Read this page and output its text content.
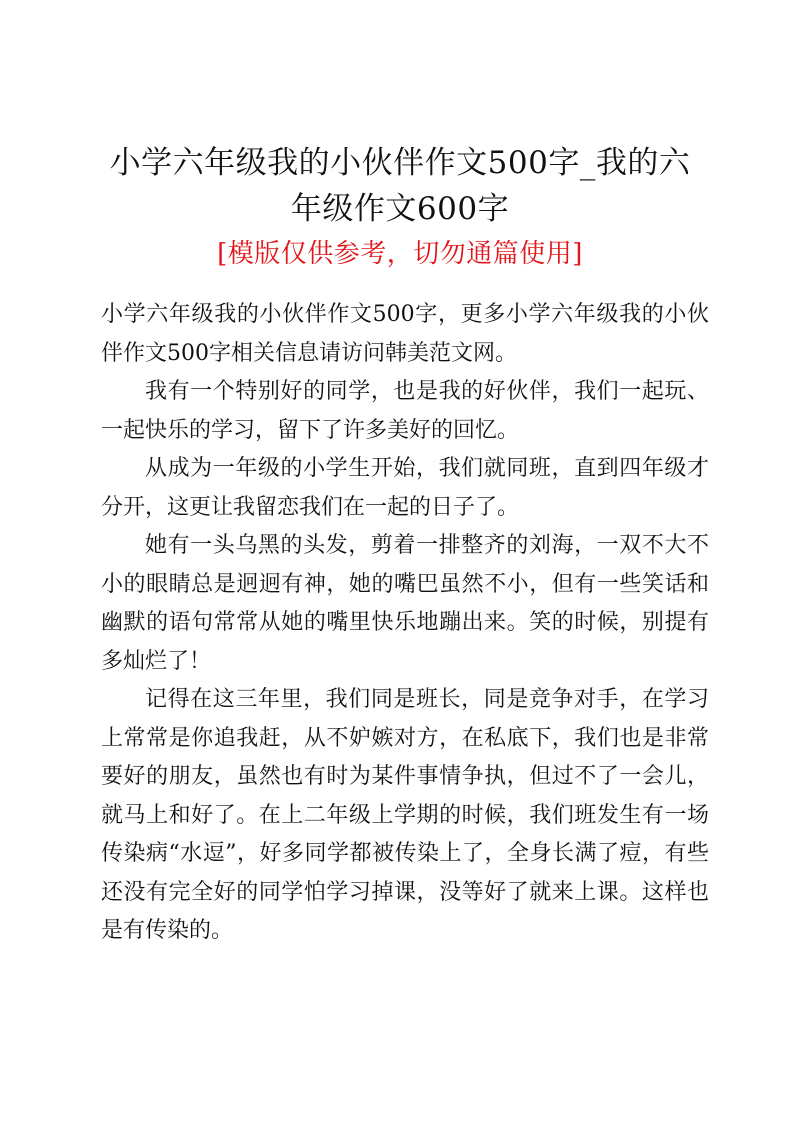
小学六年级我的小伙伴作文500字_我的六年级作文600字
[模版仅供参考，切勿通篇使用]

小学六年级我的小伙伴作文500字，更多小学六年级我的小伙伴作文500字相关信息请访问韩美范文网。

我有一个特别好的同学，也是我的好伙伴，我们一起玩、一起快乐的学习，留下了许多美好的回忆。

从成为一年级的小学生开始，我们就同班，直到四年级才分开，这更让我留恋我们在一起的日子了。

她有一头乌黑的头发，剪着一排整齐的刘海，一双不大不小的眼睛总是迥迥有神，她的嘴巴虽然不小，但有一些笑话和幽默的语句常常从她的嘴里快乐地蹦出来。笑的时候，别提有多灿烂了！

记得在这三年里，我们同是班长，同是竞争对手，在学习上常常是你追我赶，从不妒嫉对方，在私底下，我们也是非常要好的朋友，虽然也有时为某件事情争执，但过不了一会儿，就马上和好了。在上二年级上学期的时候，我们班发生有一场传染病“水逗”，好多同学都被传染上了，全身长满了痘，有些还没有完全好的同学怕学习掉课，没等好了就来上课。这样也是有传染的。
